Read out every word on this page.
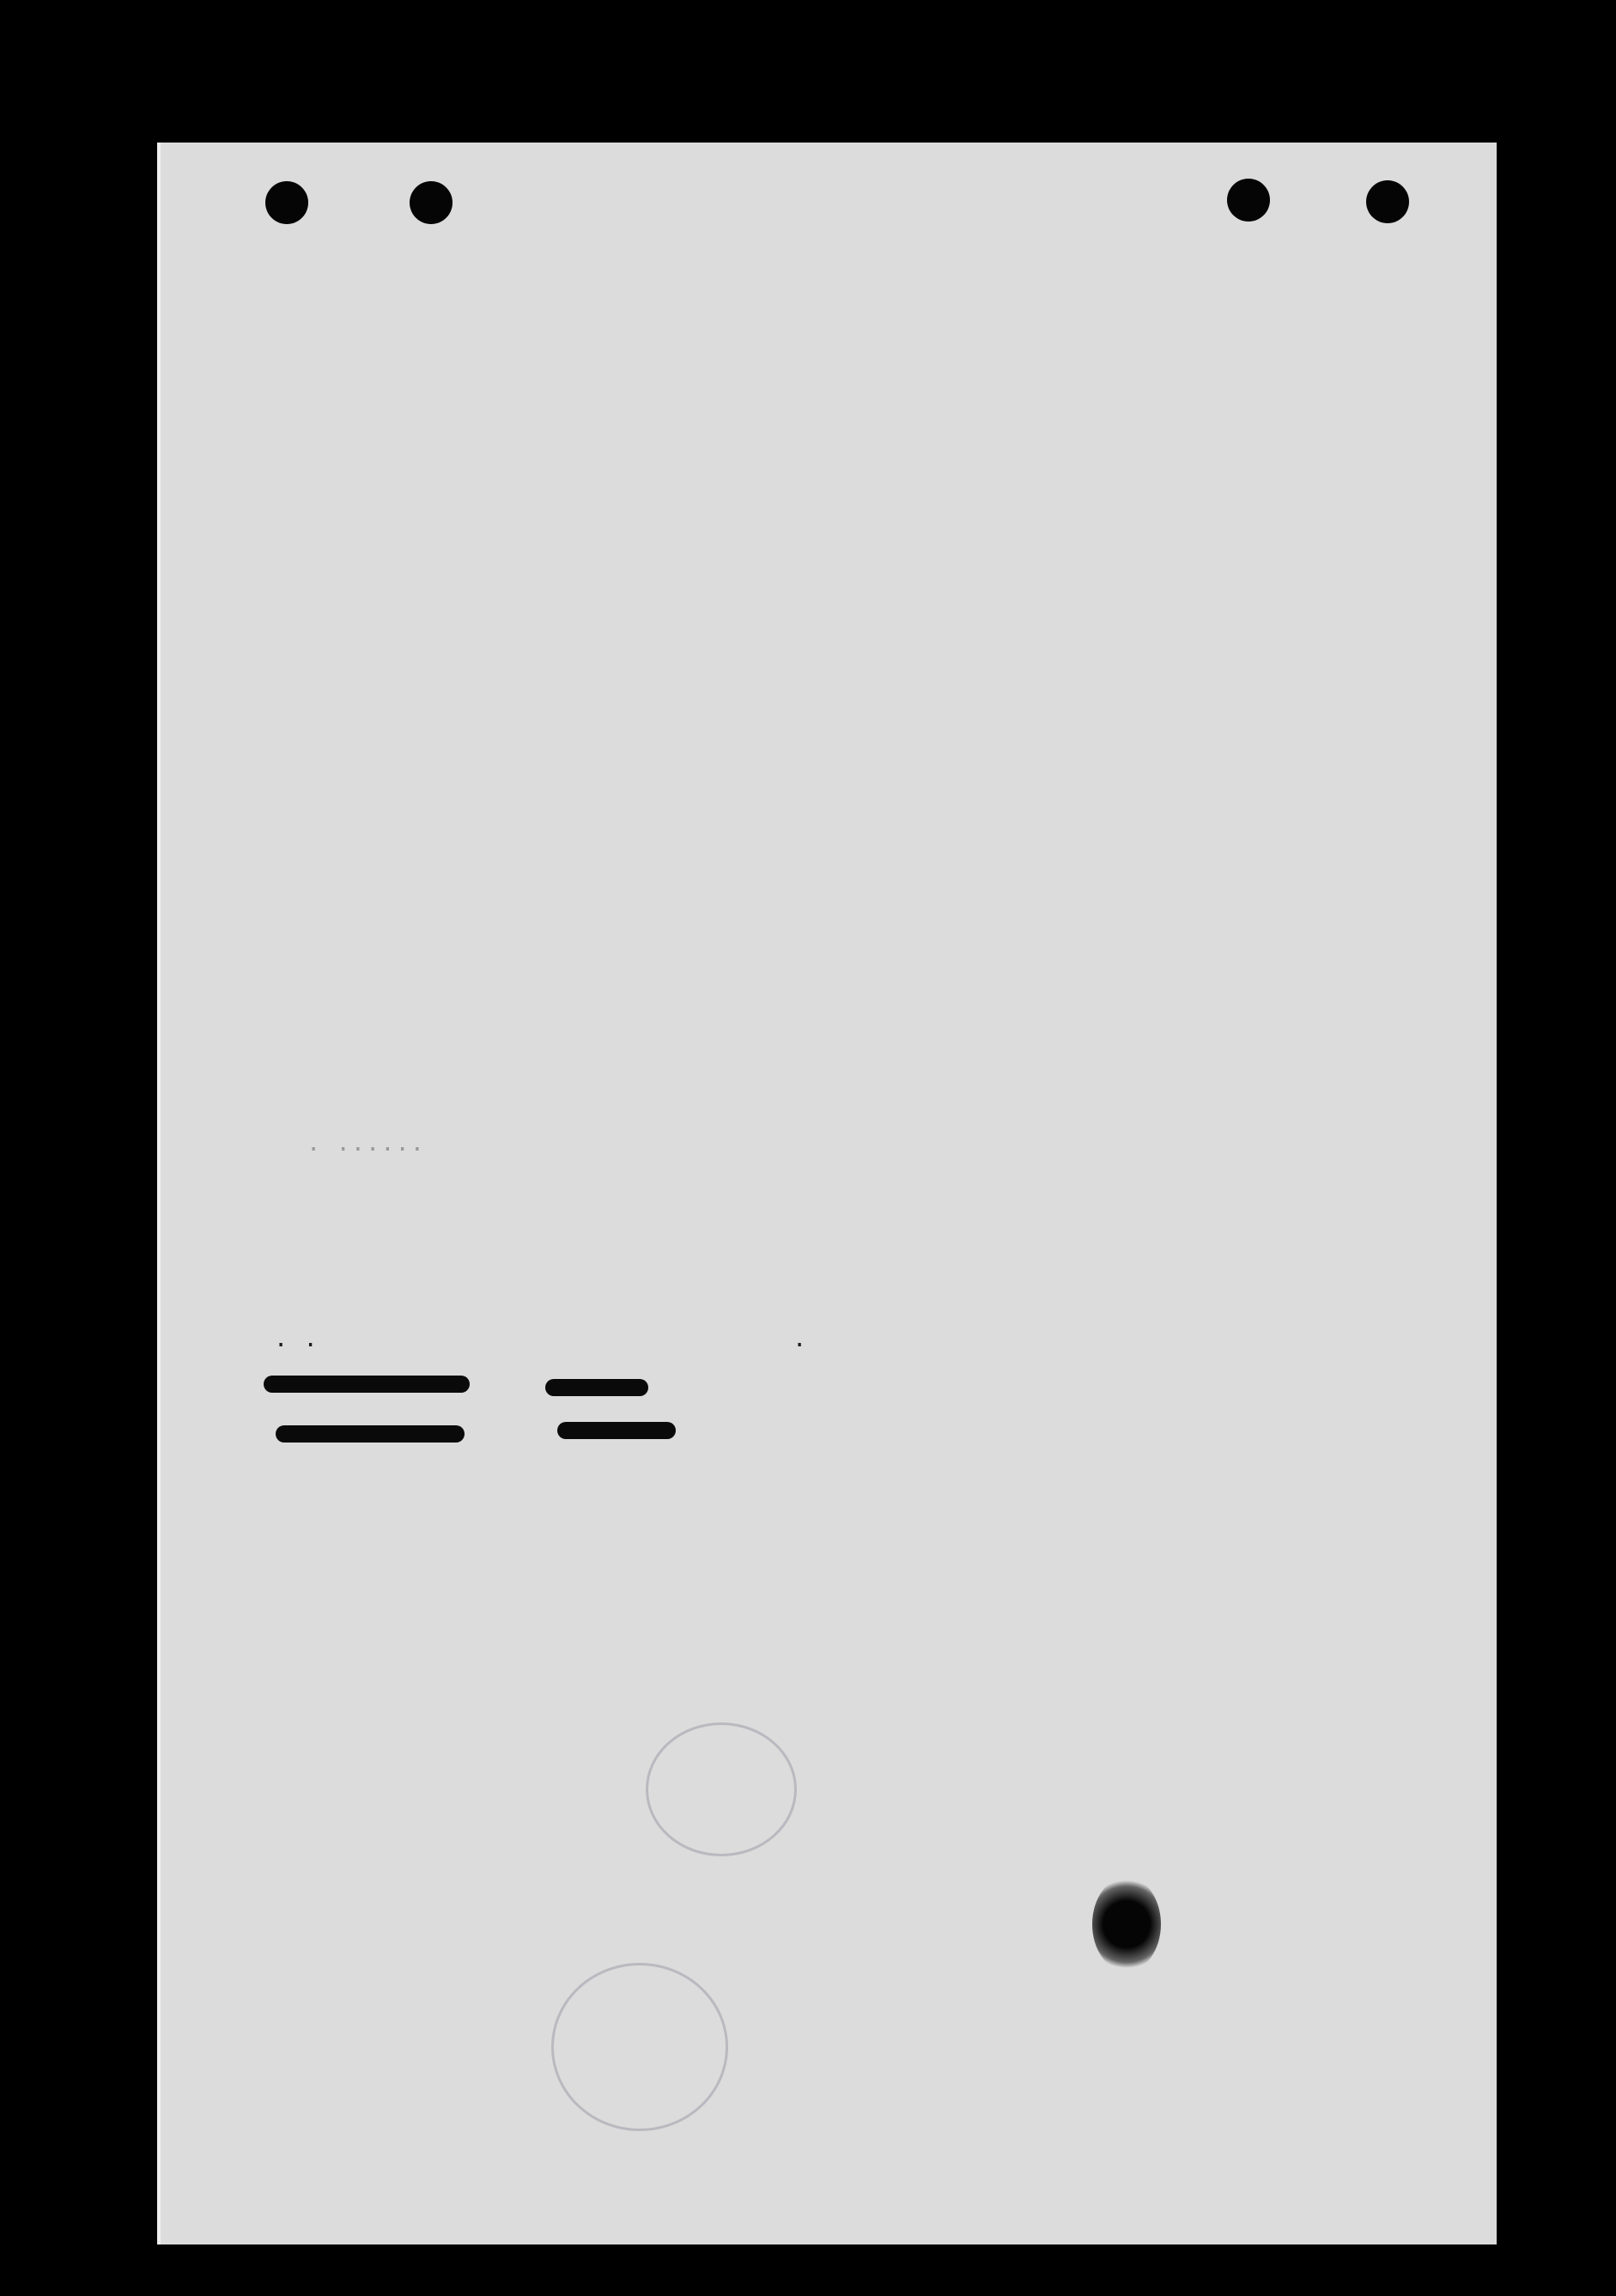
. ......
. .                                .
